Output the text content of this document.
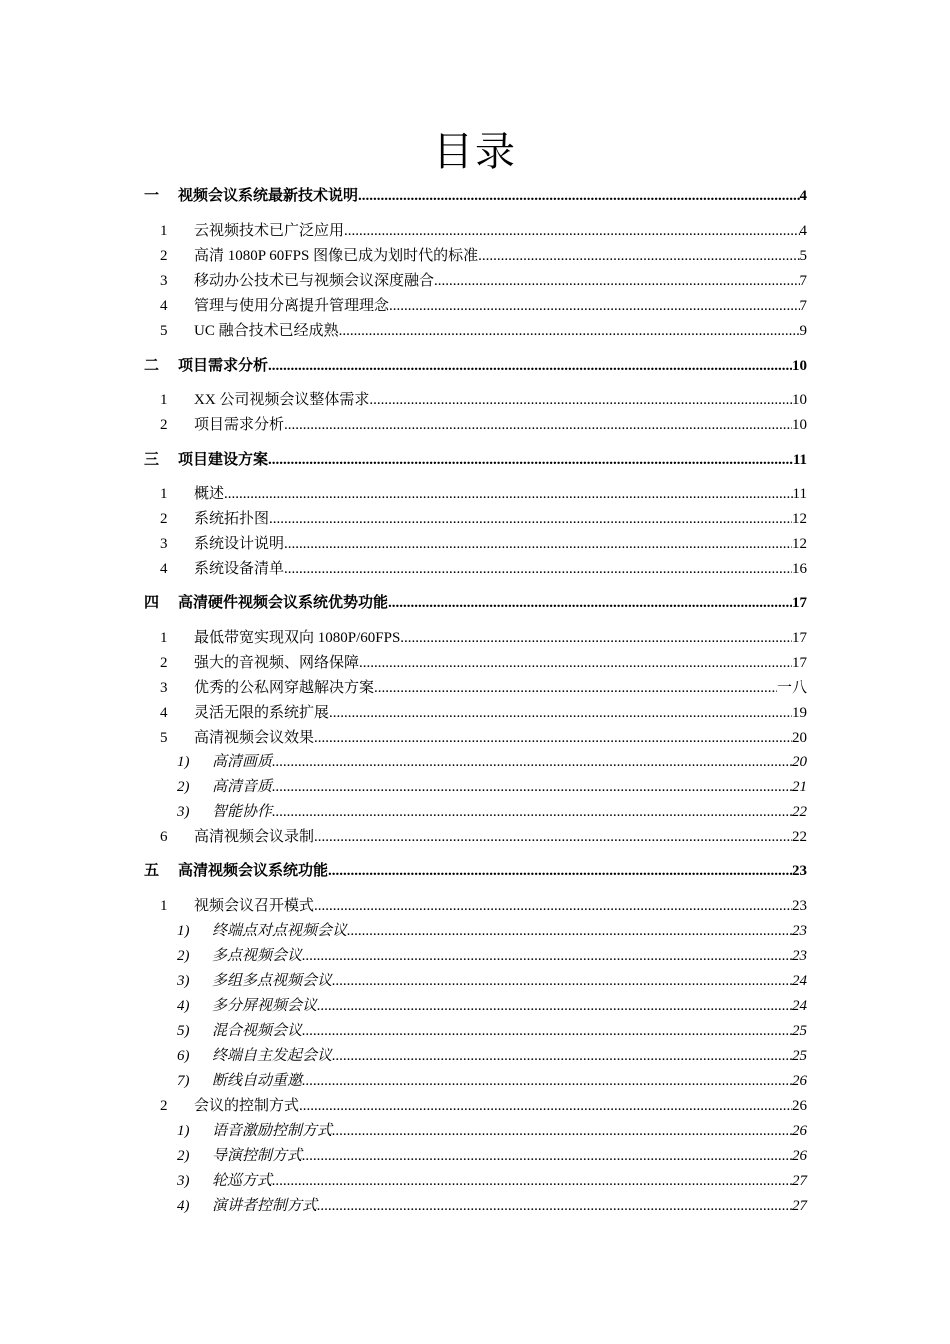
目录
一	视频会议系统最新技术说明 .....	4
1	云视频技术已广泛应用 .....	4
2	高清 1080P 60FPS 图像已成为划时代的标准 .....	5
3	移动办公技术已与视频会议深度融合 .....	7
4	管理与使用分离提升管理理念 .....	7
5	UC 融合技术已经成熟 .....	9
二	项目需求分析 .....	10
1	XX 公司视频会议整体需求 .....	10
2	项目需求分析 .....	10
三	项目建设方案 .....	11
1	概述 .....	11
2	系统拓扑图 .....	12
3	系统设计说明 .....	12
4	系统设备清单 .....	16
四	高清硬件视频会议系统优势功能 .....	17
1	最低带宽实现双向 1080P/60FPS .....	17
2	强大的音视频、网络保障 .....	17
3	优秀的公私网穿越解决方案 .....	一八
4	灵活无限的系统扩展 .....	19
5	高清视频会议效果 .....	20
1)	高清画质 .....	20
2)	高清音质 .....	21
3)	智能协作 .....	22
6	高清视频会议录制 .....	22
五	高清视频会议系统功能 .....	23
1	视频会议召开模式 .....	23
1)	终端点对点视频会议 .....	23
2)	多点视频会议 .....	23
3)	多组多点视频会议 .....	24
4)	多分屏视频会议 .....	24
5)	混合视频会议 .....	25
6)	终端自主发起会议 .....	25
7)	断线自动重邀 .....	26
2	会议的控制方式 .....	26
1)	语音激励控制方式 .....	26
2)	导演控制方式 .....	26
3)	轮巡方式 .....	27
4)	演讲者控制方式 .....	27
